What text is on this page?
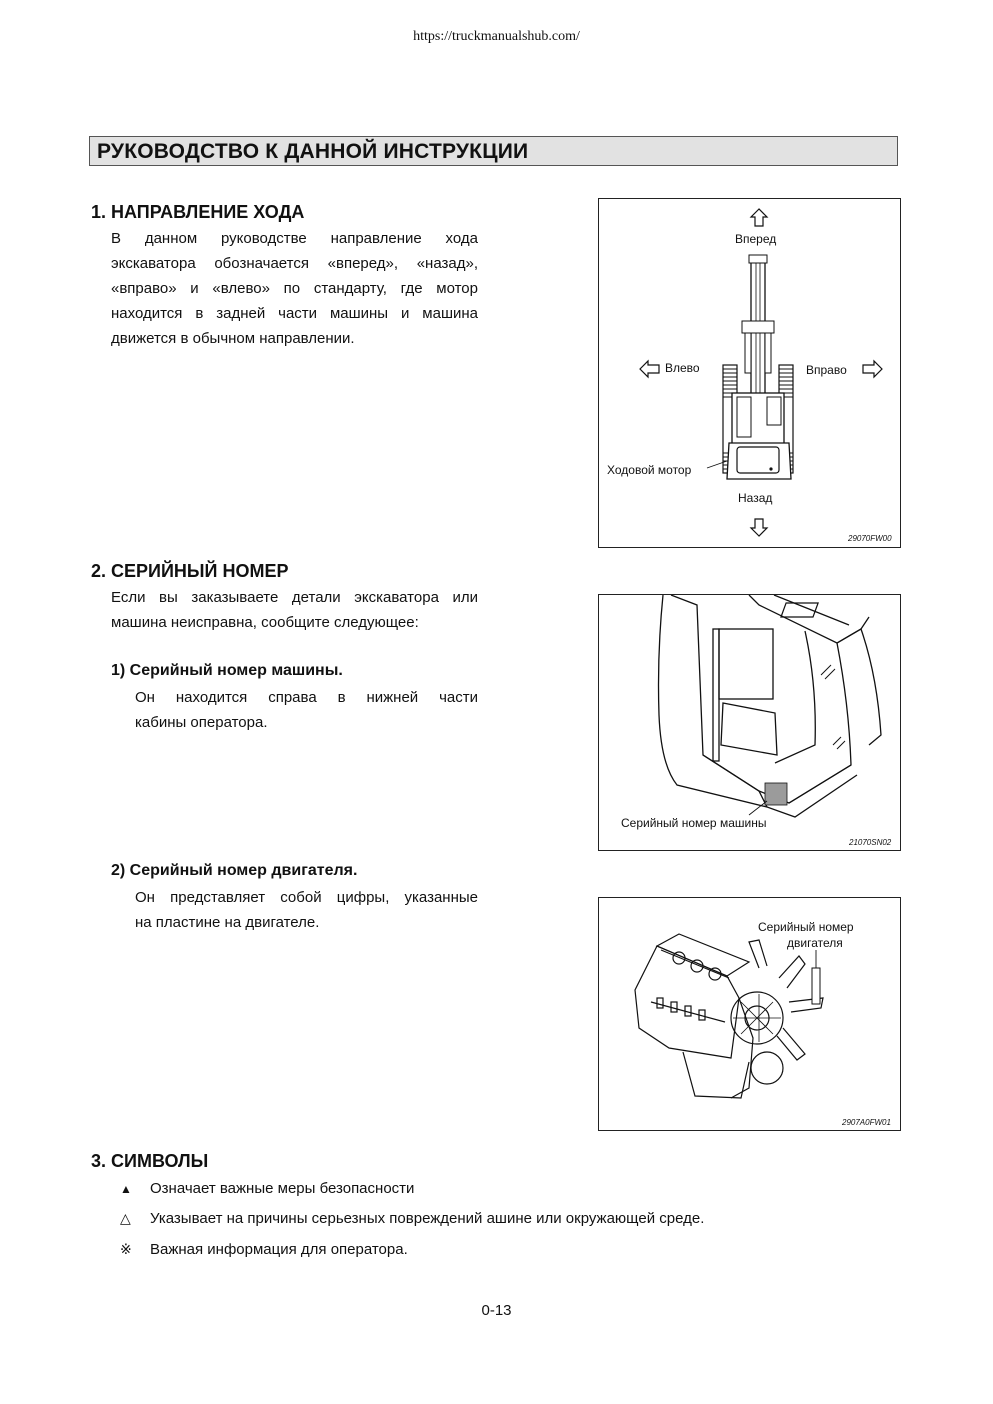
https://truckmanualshub.com/
РУКОВОДСТВО К ДАННОЙ ИНСТРУКЦИИ
1. НАПРАВЛЕНИЕ ХОДА
В данном руководстве направление хода
экскаватора обозначается «вперед», «назад»,
«вправо» и «влево» по стандарту, где мотор
находится в задней части машины и машина
движется в обычном направлении.
Вперед
Влево	Вправо
Ходовой мотор
Назад
29070FW00
2. СЕРИЙНЫЙ НОМЕР
Если вы заказываете детали экскаватора или
машина неисправна, сообщите следующее:
1) Серийный номер машины.
Он находится справа в нижней части
кабины оператора.
Серийный номер машины
21070SN02
2) Серийный номер двигателя.
Он представляет собой цифры, указанные
на пластине на двигателе.	Серийный номер
двигателя
2907A0FW01
3. СИМВОЛЫ
▲ Означает важные меры безопасности
△ Указывает на причины серьезных повреждений ашине или окружающей среде.
※ Важная информация для оператора.
0-13
